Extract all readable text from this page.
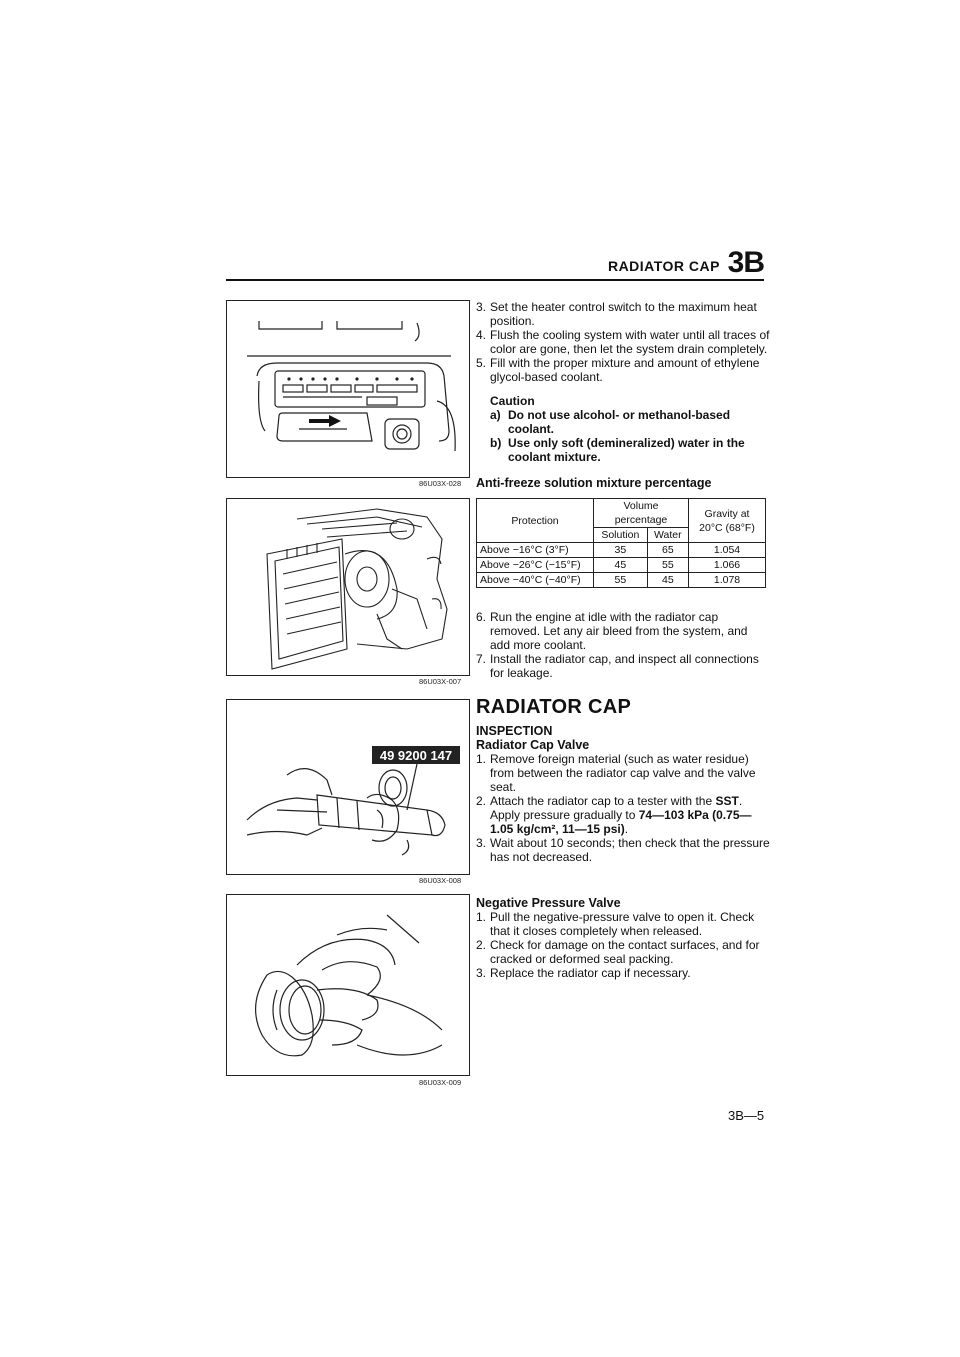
RADIATOR CAP 3B
86U03X-028
86U03X-007
49 9200 147
86U03X-008
86U03X-009
3. Set the heater control switch to the maximum heat position.
4. Flush the cooling system with water until all traces of color are gone, then let the system drain completely.
5. Fill with the proper mixture and amount of ethylene glycol-based coolant.
Caution
a) Do not use alcohol- or methanol-based coolant.
b) Use only soft (demineralized) water in the coolant mixture.
Anti-freeze solution mixture percentage
Protection	Volume percentage		Gravity at 20°C (68°F)
	Solution	Water	
Above −16°C (3°F)	35	65	1.054
Above −26°C (−15°F)	45	55	1.066
Above −40°C (−40°F)	55	45	1.078
6. Run the engine at idle with the radiator cap removed. Let any air bleed from the system, and add more coolant.
7. Install the radiator cap, and inspect all connections for leakage.
RADIATOR CAP
INSPECTION
Radiator Cap Valve
1. Remove foreign material (such as water residue) from between the radiator cap valve and the valve seat.
2. Attach the radiator cap to a tester with the SST. Apply pressure gradually to 74—103 kPa (0.75—1.05 kg/cm², 11—15 psi).
3. Wait about 10 seconds; then check that the pressure has not decreased.
Negative Pressure Valve
1. Pull the negative-pressure valve to open it. Check that it closes completely when released.
2. Check for damage on the contact surfaces, and for cracked or deformed seal packing.
3. Replace the radiator cap if necessary.
3B—5
